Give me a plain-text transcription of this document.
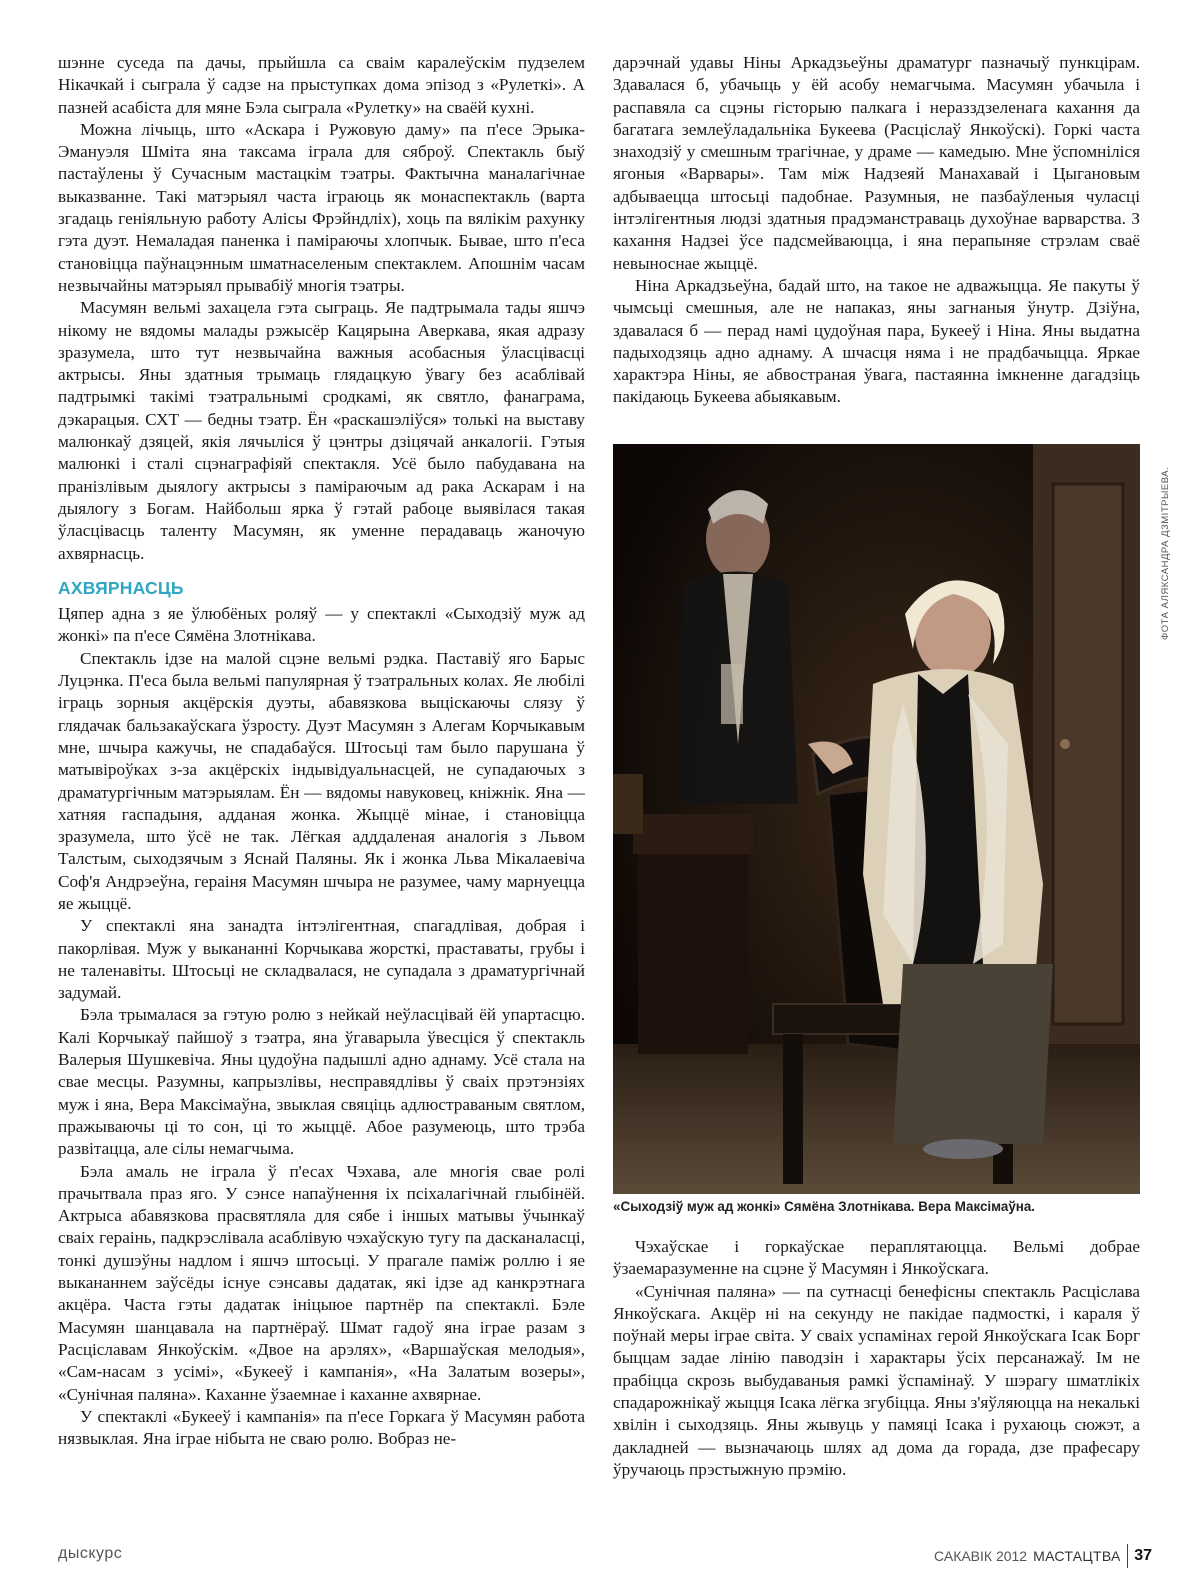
шэнне суседа па дачы, прыйшла са сваім каралеўскім пудзелем Нікачкай і сыграла ў садзе на прыступках дома эпізод з «Рулеткі». А пазней асабіста для мяне Бэла сыграла «Рулетку» на сваёй кухні.

Можна лічыць, што «Аскара і Ружовую даму» па п'есе Эрыка-Эмануэля Шміта яна таксама іграла для сяброў. Спектакль быў пастаўлены ў Сучасным мастацкім тэатры. Фактычна маналагічнае выказванне. Такі матэрыял часта іграюць як монаспектакль (варта згадаць геніяльную работу Алісы Фрэйндліх), хоць па вялікім рахунку гэта дуэт. Немаладая паненка і паміраючы хлопчык. Бывае, што п'еса становіцца паўнацэнным шматнаселеным спектаклем. Апошнім часам незвычайны матэрыял прывабіў многія тэатры.

Масумян вельмі захацела гэта сыграць. Яе падтрымала тады яшчэ нікому не вядомы малады рэжысёр Кацярына Аверкава, якая адразу зразумела, што тут незвычайна важныя асобасныя ўласцівасці актрысы. Яны здатныя трымаць глядацкую ўвагу без асаблівай падтрымкі такімі тэатральнымі сродкамі, як святло, фанаграма, дэкарацыя. СХТ — бедны тэатр. Ён «раскашэліўся» толькі на выставу малюнкаў дзяцей, якія лячыліся ў цэнтры дзіцячай анкалогіі. Гэтыя малюнкі і сталі сцэнаграфіяй спектакля. Усё было пабудавана на пранізлівым дыялогу актрысы з паміраючым ад рака Аскарам і на дыялогу з Богам. Найбольш ярка ў гэтай рабоце выявілася такая ўласцівасць таленту Масумян, як уменне перадаваць жаночую ахвярнасць.

АХВЯРНАСЦЬ

Цяпер адна з яе ўлюбёных роляў — у спектаклі «Сыходзіў муж ад жонкі» па п'есе Сямёна Злотнікава.

Спектакль ідзе на малой сцэне вельмі рэдка. Паставіў яго Барыс Луцэнка. П'еса была вельмі папулярная ў тэатральных колах. Яе любілі іграць зорныя акцёрскія дуэты, абавязкова выціскаючы слязу ў глядачак бальзакаўскага ўзросту. Дуэт Масумян з Алегам Корчыкавым мне, шчыра кажучы, не спадабаўся. Штосьці там было парушана ў матывіроўках з-за акцёрскіх індывідуальнасцей, не супадаючых з драматургічным матэрыялам. Ён — вядомы навуковец, кніжнік. Яна — хатняя гаспадыня, адданая жонка. Жыццё мінае, і становіцца зразумела, што ўсё не так. Лёгкая адддаленая аналогія з Львом Талстым, сыходзячым з Яснай Паляны. Як і жонка Льва Мікалаевіча Соф'я Андрэеўна, гераіня Масумян шчыра не разумее, чаму марнуецца яе жыццё.

У спектаклі яна занадта інтэлігентная, спагадлівая, добрая і пакорлівая. Муж у выкананні Корчыкава жорсткі, праставаты, грубы і не таленавіты. Штосьці не складвалася, не супадала з драматургічнай задумай.

Бэла трымалася за гэтую ролю з нейкай неўласцівай ёй упартасцю. Калі Корчыкаў пайшоў з тэатра, яна ўгаварыла ўвесціся ў спектакль Валерыя Шушкевіча. Яны цудоўна падышлі адно аднаму. Усё стала на свае месцы. Разумны, капрызлівы, несправядлівы ў сваіх прэтэнзіях муж і яна, Вера Максімаўна, звыклая свяціць адлюстраваным святлом, пражываючы ці то сон, ці то жыццё. Абое разумеюць, што трэба развітацца, але сілы немагчыма.

Бэла амаль не іграла ў п'есах Чэхава, але многія свае ролі прачытвала праз яго. У сэнсе напаўнення іх псіхалагічнай глыбінёй. Актрыса абавязкова прасвятляла для сябе і іншых матывы ўчынкаў сваіх гераінь, падкрэслівала асаблівую чэхаўскую тугу па дасканаласці, тонкі душэўны надлом і яшчэ штосьці. У прагале паміж роллю і яе выкананнем заўсёды існуе сэнсавы дадатак, які ідзе ад канкрэтнага акцёра. Часта гэты дадатак ініцыюе партнёр па спектаклі. Бэле Масумян шанцавала на партнёраў. Шмат гадоў яна іграе разам з Расціславам Янкоўскім. «Двое на арэлях», «Варшаўская мелодыя», «Сам-насам з усімі», «Букееў і кампанія», «На Залатым возеры», «Сунічная паляна». Каханне ўзаемнае і каханне ахвярнае.

У спектаклі «Букееў і кампанія» па п'есе Горкага ў Масумян работа нязвыклая. Яна іграе нібыта не сваю ролю. Вобраз не-

дарэчнай удавы Ніны Аркадзьеўны драматург пазначыў пункцірам. Здавалася б, убачыць у ёй асобу немагчыма. Масумян убачыла і распавяла са сцэны гісторыю палкага і неразздзеленага кахання да багатага землеўладальніка Букеева (Расціслаў Янкоўскі). Горкі часта знаходзіў у смешным трагічнае, у драме — камедыю. Мне ўспомніліся ягоныя «Варвары». Там між Надзеяй Манахавай і Цыгановым адбываецца штосьці падобнае. Разумныя, не пазбаўленыя чуласці інтэлігентныя людзі здатныя прадэманстраваць духоўнае варварства. З кахання Надзеі ўсе падсмейваюцца, і яна перапыняе стрэлам сваё невыноснае жыццё.

Ніна Аркадзьеўна, бадай што, на такое не адважыцца. Яе пакуты ў чымсьці смешныя, але не напаказ, яны загнаныя ўнутр. Дзіўна, здавалася б — перад намі цудоўная пара, Букееў і Ніна. Яны выдатна падыходзяць адно аднаму. А шчасця няма і не прадбачыцца. Яркае характэра Ніны, яе абвостраная ўвага, пастаянна імкненне дагадзіць пакідаюць Букеева абыякавым.

ФОТА АЛЯКСАНДРА ДЗМІТРЫЕВА.
«Сыходзіў муж ад жонкі» Сямёна Злотнікава. Вера Максімаўна.

Чэхаўскае і горкаўскае пераплятаюцца. Вельмі добрае ўзаемаразуменне на сцэне ў Масумян і Янкоўскага.

«Сунічная паляна» — па сутнасці бенефісны спектакль Расціслава Янкоўскага. Акцёр ні на секунду не пакідае падмосткі, і караля ў поўнай меры іграе світа. У сваіх успамінах герой Янкоўскага Ісак Борг быццам задае лінію паводзін і характары ўсіх персанажаў. Ім не прабіцца скрозь выбудаваныя рамкі ўспамінаў. У шэрагу шматлікіх спадарожнікаў жыцця Ісака лёгка згубіцца. Яны з'яўляюцца на некалькі хвілін і сыходзяць. Яны жывуць у памяці Ісака і рухаюць сюжэт, а дакладней — вызначаюць шлях ад дома да горада, дзе прафесару ўручаюць прэстыжную прэмію.

дыскурс	САКАВІК 2012 МАСТАЦТВА 37
